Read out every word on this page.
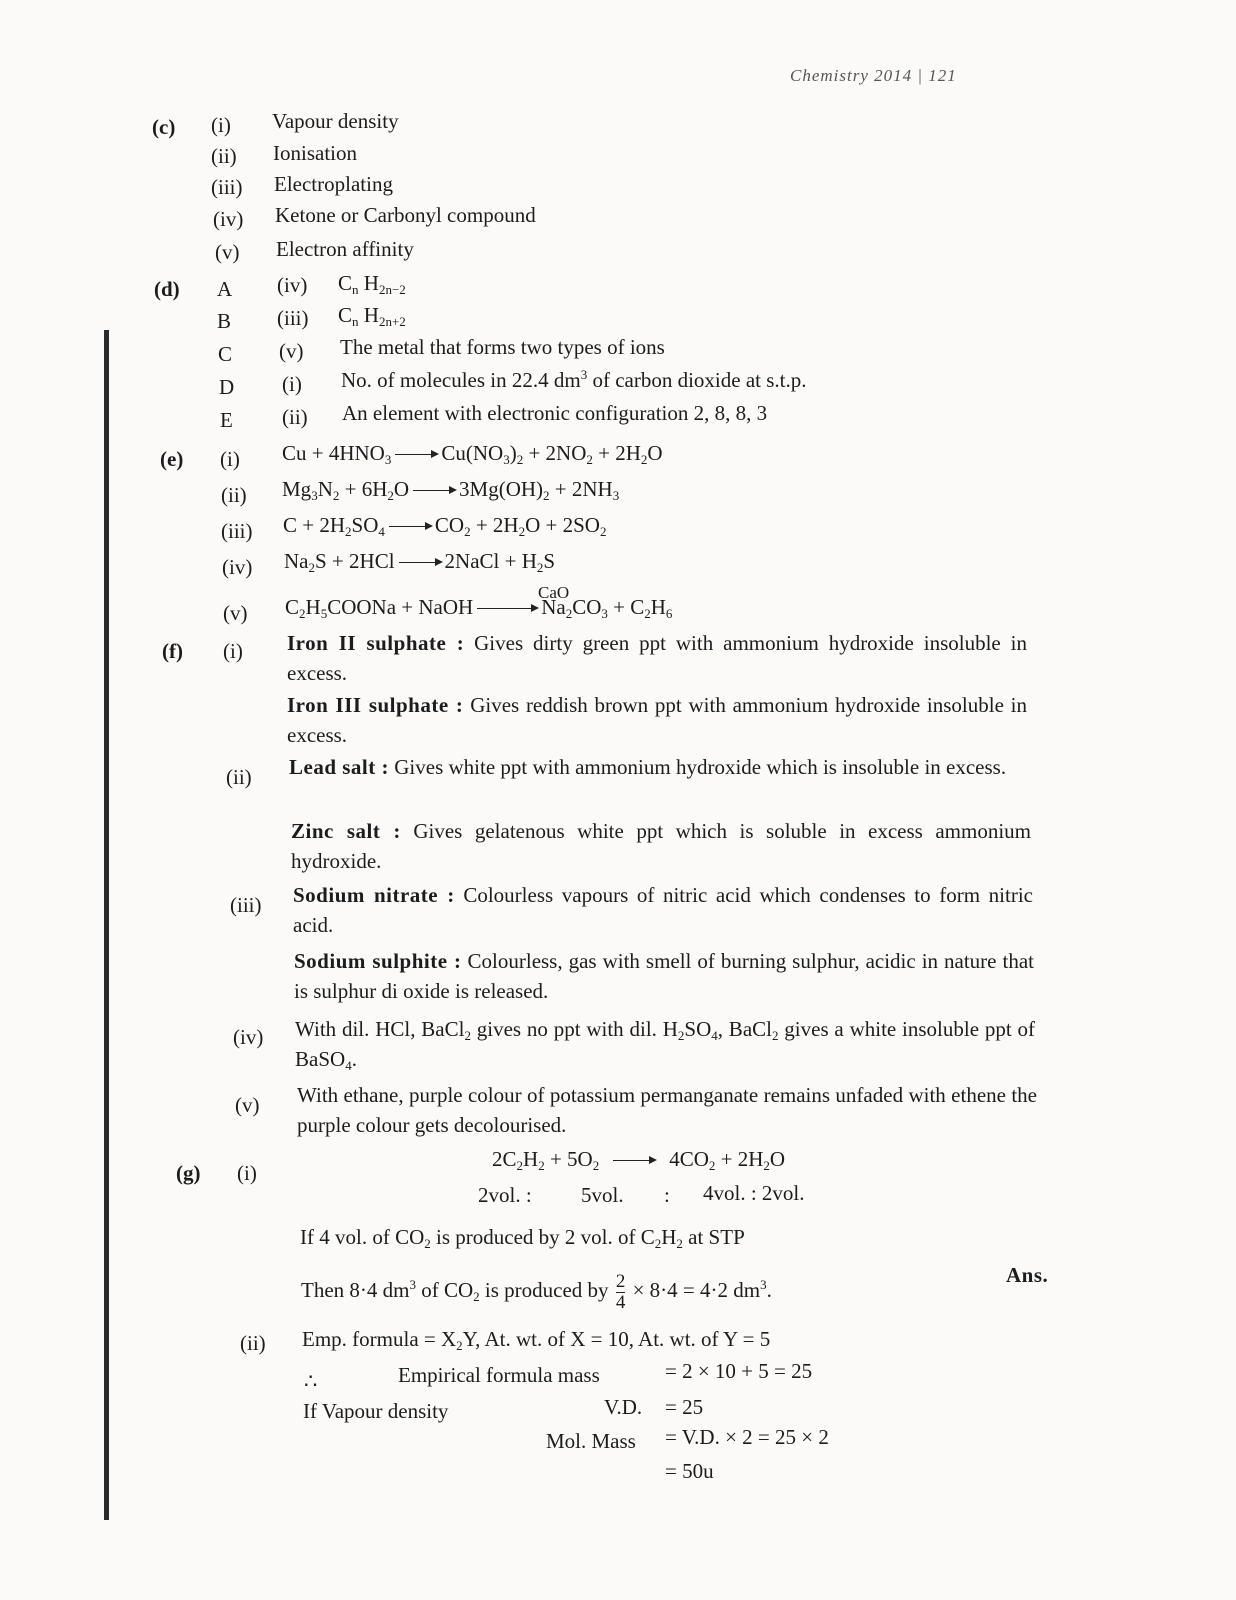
Chemistry 2014 | 121
(c) (i) Vapour density
(ii) Ionisation
(iii) Electroplating
(iv) Ketone or Carbonyl compound
(v) Electron affinity
(d) A (iv) $C_n$ $H_{2n-2}$
B (iii) $C_n$ $H_{2n+2}$
C (v) The metal that forms two types of ions
D (i) No. of molecules in 22.4 $dm^3$ of carbon dioxide at s.t.p.
E (ii) An element with electronic configuration 2, 8, 8, 3
(e) (i) $Cu + 4HNO_3$ $Cu(NO_3)_2 + 2NO_2 + 2H_2O$
(ii) $Mg_3N_2 + 6H_2O$ $3Mg(OH)_2 + 2NH_3$
(iii) $C + 2H_2SO_4$ $CO_2 + 2H_2O + 2SO_2$
(iv) $Na_2S + 2HCl$ 2NaCl + $H_2S$
CaO
(v) $C_2H_5COONa$ + NaOH	$Na_2CO_3 + C_2H_6$
(f) (i) Iron II sulphate : Gives dirty green ppt with ammonium hydroxide insoluble in excess.
Iron III sulphate : Gives reddish brown ppt with ammonium hydroxide insoluble in excess.
(ii) Lead salt : Gives white ppt with ammonium hydroxide which is insoluble in excess.
Zinc salt : Gives gelatenous white ppt which is soluble in excess ammonium hydroxide.
(iii) Sodium nitrate : Colourless vapours of nitric acid which condenses to form nitric acid.
Sodium sulphite : Colourless, gas with smell of burning sulphur, acidic in nature that is sulphur di oxide is released.
(iv) With dil. HCl, BaCl$_2$ gives no ppt with dil. $H_2SO_4$, BaCl$_2$ gives a white insoluble ppt of BaSO$_4$.
(v) With ethane, purple colour of potassium permanganate remains unfaded with ethene the purple colour gets decolourised.
(g) (i)
$2C_2H_2 + 5O_2$	$4CO_2 + 2H_2O$
2vol. : 5vol. : 4vol. : 2vol.
If 4 vol. of $CO_2$ is produced by 2 vol. of $C_2H_2$ at STP
Then 8·4 $dm^3$ of $CO_2$ is produced by $\frac{2}{4} \times 8\cdot 4 = 4\cdot 2$ $dm^3$.
Ans.
(ii) Emp. formula = $X_2Y$, At. wt. of X = 10, At. wt. of Y = 5
∴	Empirical formula mass	= 2 × 10 + 5 = 25
If Vapour density	V.D. = 25
Mol. Mass = V.D. × 2 = 25 × 2
= 50u
